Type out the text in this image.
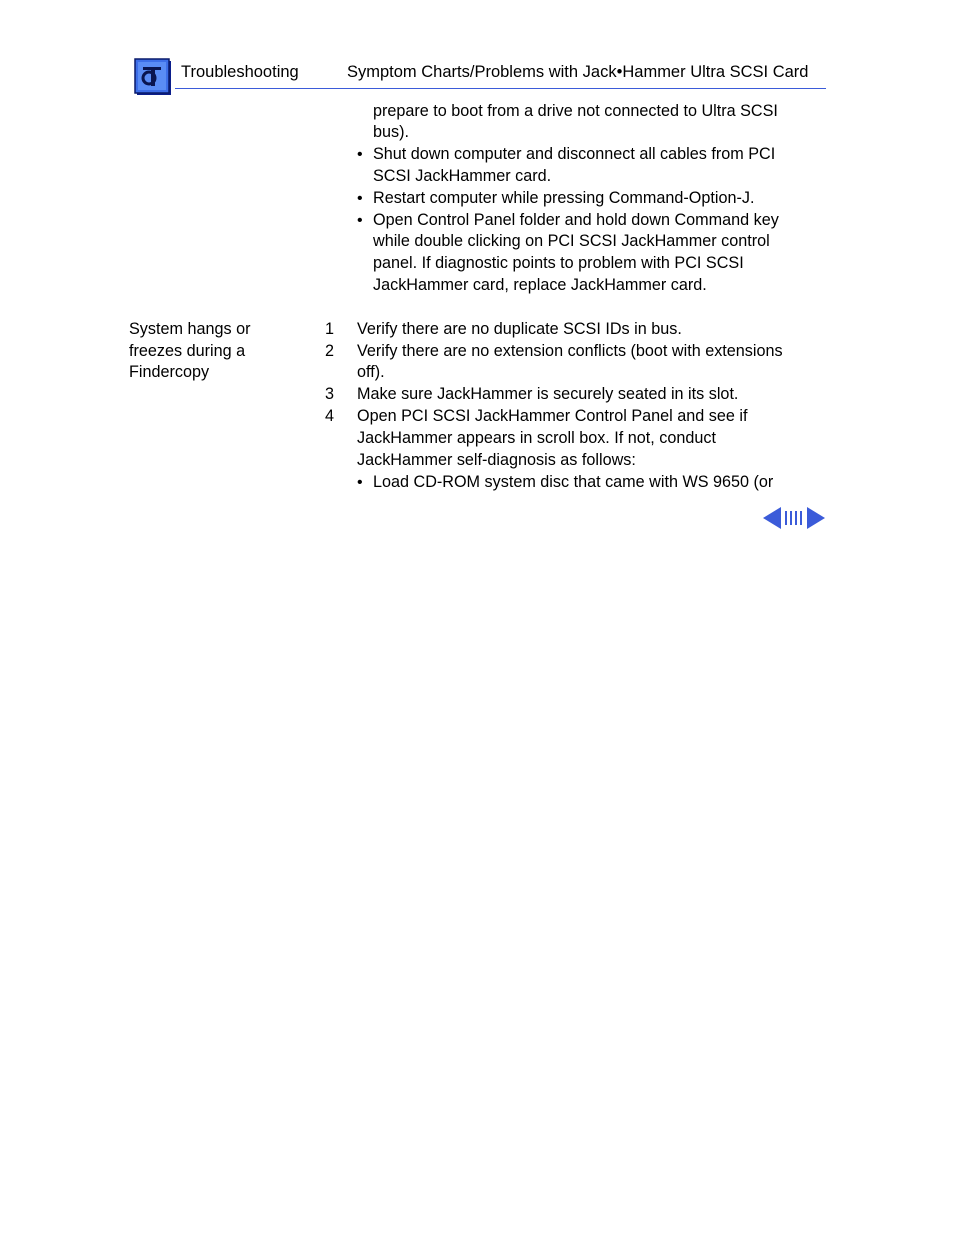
Troubleshooting	Symptom Charts/Problems with Jack•Hammer Ultra SCSI Card
prepare to boot from a drive not connected to Ultra SCSI
bus).
• Shut down computer and disconnect all cables from PCI
SCSI JackHammer card.
• Restart computer while pressing Command-Option-J.
• Open Control Panel folder and hold down Command key
while double clicking on PCI SCSI JackHammer control
panel. If diagnostic points to problem with PCI SCSI
JackHammer card, replace JackHammer card.
System hangs or
freezes during a
Findercopy
1 Verify there are no duplicate SCSI IDs in bus.
2 Verify there are no extension conflicts (boot with extensions
off).
3 Make sure JackHammer is securely seated in its slot.
4 Open PCI SCSI JackHammer Control Panel and see if
JackHammer appears in scroll box. If not, conduct
JackHammer self-diagnosis as follows:
• Load CD-ROM system disc that came with WS 9650 (or
